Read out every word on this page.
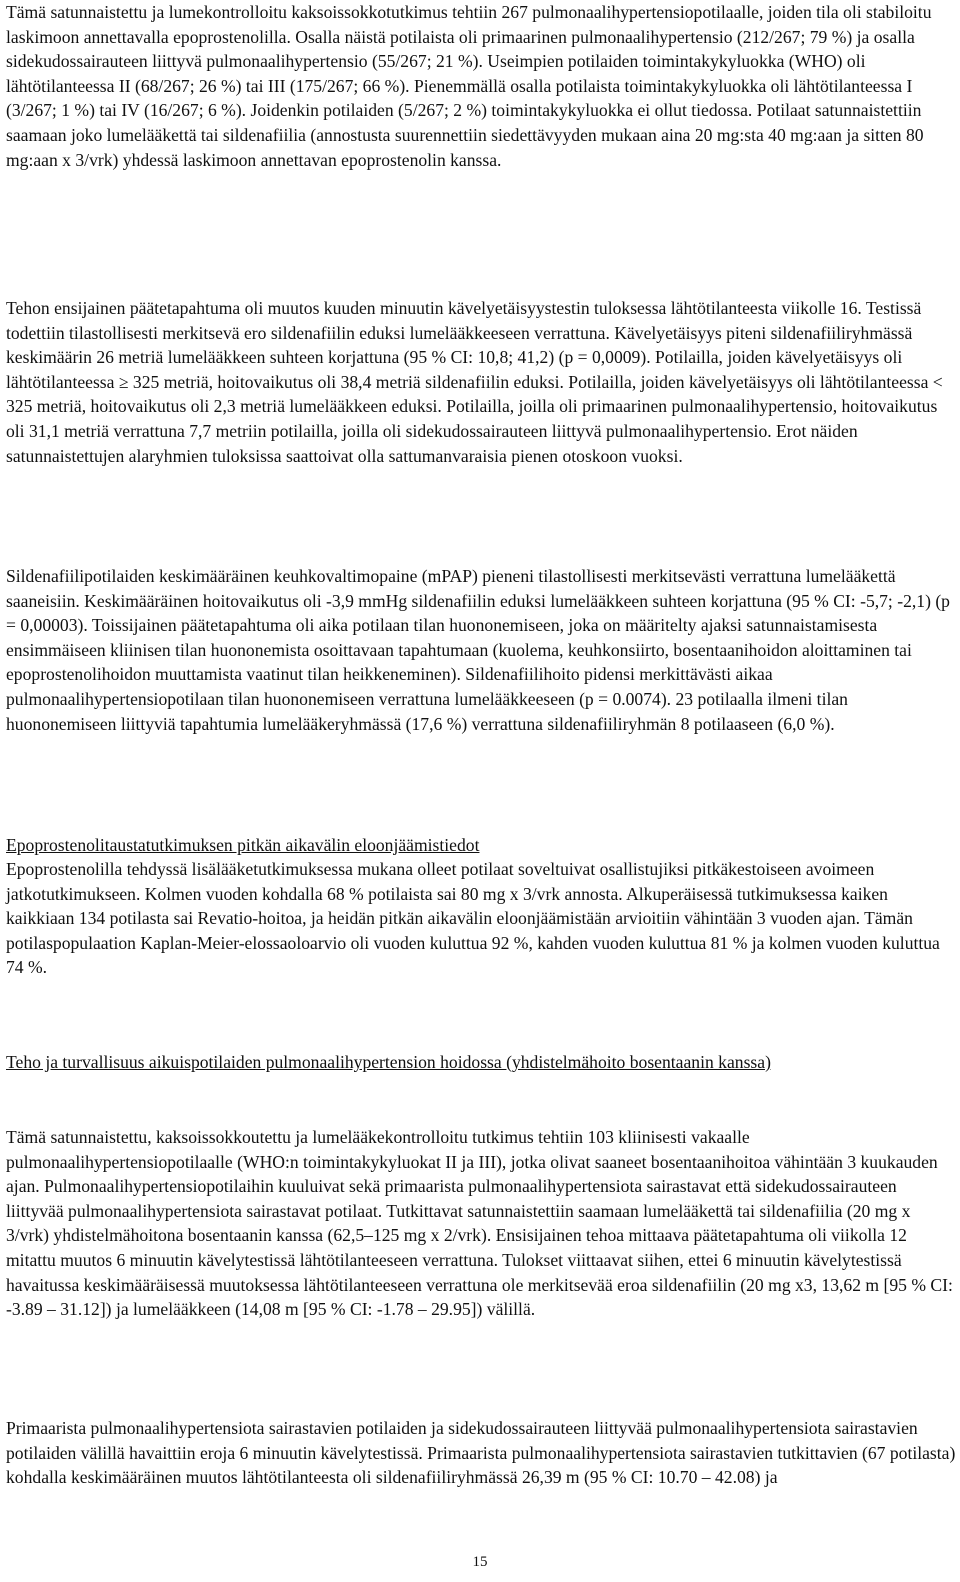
Tämä satunnaistettu ja lumekontrolloitu kaksoissokkotutkimus tehtiin 267 pulmonaalihypertensiopotilaalle, joiden tila oli stabiloitu laskimoon annettavalla epoprostenolilla. Osalla näistä potilaista oli primaarinen pulmonaalihypertensio (212/267; 79 %) ja osalla sidekudossairauteen liittyvä pulmonaalihypertensio (55/267; 21 %). Useimpien potilaiden toimintakykyluokka (WHO) oli lähtötilanteessa II (68/267; 26 %) tai III (175/267; 66 %). Pienemmällä osalla potilaista toimintakykyluokka oli lähtötilanteessa I (3/267; 1 %) tai IV (16/267; 6 %). Joidenkin potilaiden (5/267; 2 %) toimintakykyluokka ei ollut tiedossa. Potilaat satunnaistettiin saamaan joko lumelääkettä tai sildenafiilia (annostusta suurennettiin siedettävyyden mukaan aina 20 mg:sta 40 mg:aan ja sitten 80 mg:aan x 3/vrk) yhdessä laskimoon annettavan epoprostenolin kanssa.

Tehon ensijainen päätetapahtuma oli muutos kuuden minuutin kävelyetäisyystestin tuloksessa lähtötilanteesta viikolle 16. Testissä todettiin tilastollisesti merkitsevä ero sildenafiilin eduksi lumelääkkeeseen verrattuna. Kävelyetäisyys piteni sildenafiiliryhmässä keskimäärin 26 metriä lumelääkkeen suhteen korjattuna (95 % CI: 10,8; 41,2) (p = 0,0009). Potilailla, joiden kävelyetäisyys oli lähtötilanteessa ≥ 325 metriä, hoitovaikutus oli 38,4 metriä sildenafiilin eduksi. Potilailla, joiden kävelyetäisyys oli lähtötilanteessa < 325 metriä, hoitovaikutus oli 2,3 metriä lumelääkkeen eduksi. Potilailla, joilla oli primaarinen pulmonaalihypertensio, hoitovaikutus oli 31,1 metriä verrattuna 7,7 metriin potilailla, joilla oli sidekudossairauteen liittyvä pulmonaalihypertensio. Erot näiden satunnaistettujen alaryhmien tuloksissa saattoivat olla sattumanvaraisia pienen otoskoon vuoksi.

Sildenafiilipotilaiden keskimääräinen keuhkovaltimopaine (mPAP) pieneni tilastollisesti merkitsevästi verrattuna lumelääkettä saaneisiin. Keskimääräinen hoitovaikutus oli -3,9 mmHg sildenafiilin eduksi lumelääkkeen suhteen korjattuna (95 % CI: -5,7; -2,1) (p = 0,00003). Toissijainen päätetapahtuma oli aika potilaan tilan huononemiseen, joka on määritelty ajaksi satunnaistamisesta ensimmäiseen kliinisen tilan huononemista osoittavaan tapahtumaan (kuolema, keuhkonsiirto, bosentaanihoidon aloittaminen tai epoprostenolihoidon muuttamista vaatinut tilan heikkeneminen). Sildenafiilihoito pidensi merkittävästi aikaa pulmonaalihypertensiopotilaan tilan huononemiseen verrattuna lumelääkkeeseen (p = 0.0074). 23 potilaalla ilmeni tilan huononemiseen liittyviä tapahtumia lumelääkeryhmässä (17,6 %) verrattuna sildenafiiliryhmän 8 potilaaseen (6,0 %).

Epoprostenolitaustatutkimuksen pitkän aikavälin eloonjäämistiedot

Epoprostenolilla tehdyssä lisälääketutkimuksessa mukana olleet potilaat soveltuivat osallistujiksi pitkäkestoiseen avoimeen jatkotutkimukseen. Kolmen vuoden kohdalla 68 % potilaista sai 80 mg x 3/vrk annosta. Alkuperäisessä tutkimuksessa kaiken kaikkiaan 134 potilasta sai Revatio-hoitoa, ja heidän pitkän aikavälin eloonjäämistään arvioitiin vähintään 3 vuoden ajan. Tämän potilaspopulaation Kaplan-Meier-elossaoloarvio oli vuoden kuluttua 92 %, kahden vuoden kuluttua 81 % ja kolmen vuoden kuluttua 74 %.

Teho ja turvallisuus aikuispotilaiden pulmonaalihypertension hoidossa (yhdistelmähoito bosentaanin kanssa)

Tämä satunnaistettu, kaksoissokkoutettu ja lumelääkekontrolloitu tutkimus tehtiin 103 kliinisesti vakaalle pulmonaalihypertensiopotilaalle (WHO:n toimintakykyluokat II ja III), jotka olivat saaneet bosentaanihoitoa vähintään 3 kuukauden ajan. Pulmonaalihypertensiopotilaihin kuuluivat sekä primaarista pulmonaalihypertensiota sairastavat että sidekudossairauteen liittyvää pulmonaalihypertensiota sairastavat potilaat. Tutkittavat satunnaistettiin saamaan lumelääkettä tai sildenafiilia (20 mg x 3/vrk) yhdistelmähoitona bosentaanin kanssa (62,5–125 mg x 2/vrk). Ensisijainen tehoa mittaava päätetapahtuma oli viikolla 12 mitattu muutos 6 minuutin kävelytestissä lähtötilanteeseen verrattuna. Tulokset viittaavat siihen, ettei 6 minuutin kävelytestissä havaitussa keskimääräisessä muutoksessa lähtötilanteeseen verrattuna ole merkitsevää eroa sildenafiilin (20 mg x3, 13,62 m [95 % CI: -3.89 – 31.12]) ja lumelääkkeen (14,08 m [95 % CI: -1.78 – 29.95]) välillä.

Primaarista pulmonaalihypertensiota sairastavien potilaiden ja sidekudossairauteen liittyvää pulmonaalihypertensiota sairastavien potilaiden välillä havaittiin eroja 6 minuutin kävelytestissä. Primaarista pulmonaalihypertensiota sairastavien tutkittavien (67 potilasta) kohdalla keskimääräinen muutos lähtötilanteesta oli sildenafiiliryhmässä 26,39 m (95 % CI: 10.70 – 42.08) ja

15
